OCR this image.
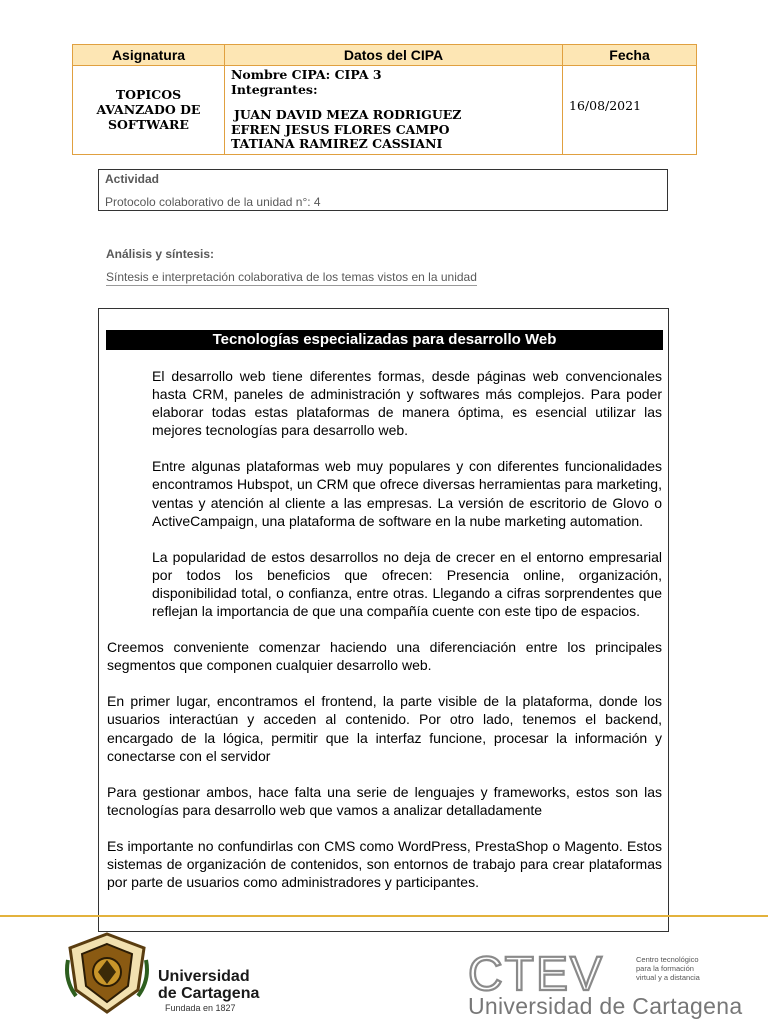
Asignatura	Datos del CIPA	Fecha

TOPICOS AVANZADO DE SOFTWARE	Nombre CIPA: CIPA 3
Integrantes:
JUAN DAVID MEZA RODRIGUEZ
EFREN JESUS FLORES CAMPO
TATIANA RAMIREZ CASSIANI	16/08/2021
Actividad
Protocolo colaborativo de la unidad n°: 4
Análisis y síntesis:
Síntesis e interpretación colaborativa de los temas vistos en la unidad
Tecnologías especializadas para desarrollo Web

El desarrollo web tiene diferentes formas, desde páginas web convencionales hasta CRM, paneles de administración y softwares más complejos. Para poder elaborar todas estas plataformas de manera óptima, es esencial utilizar las mejores tecnologías para desarrollo web.

Entre algunas plataformas web muy populares y con diferentes funcionalidades encontramos Hubspot, un CRM que ofrece diversas herramientas para marketing, ventas y atención al cliente a las empresas. La versión de escritorio de Glovo o ActiveCampaign, una plataforma de software en la nube marketing automation.

La popularidad de estos desarrollos no deja de crecer en el entorno empresarial por todos los beneficios que ofrecen: Presencia online, organización, disponibilidad total, o confianza, entre otras. Llegando a cifras sorprendentes que reflejan la importancia de que una compañía cuente con este tipo de espacios.

Creemos conveniente comenzar haciendo una diferenciación entre los principales segmentos que componen cualquier desarrollo web.

En primer lugar, encontramos el frontend, la parte visible de la plataforma, donde los usuarios interactúan y acceden al contenido. Por otro lado, tenemos el backend, encargado de la lógica, permitir que la interfaz funcione, procesar la información y conectarse con el servidor

Para gestionar ambos, hace falta una serie de lenguajes y frameworks, estos son las tecnologías para desarrollo web que vamos a analizar detalladamente

Es importante no confundirlas con CMS como WordPress, PrestaShop o Magento. Estos sistemas de organización de contenidos, son entornos de trabajo para crear plataformas por parte de usuarios como administradores y participantes.

Universidad
de Cartagena
Fundada en 1827
CTEV	Centro tecnológico
para la formación
virtual y a distancia
Universidad de Cartagena
